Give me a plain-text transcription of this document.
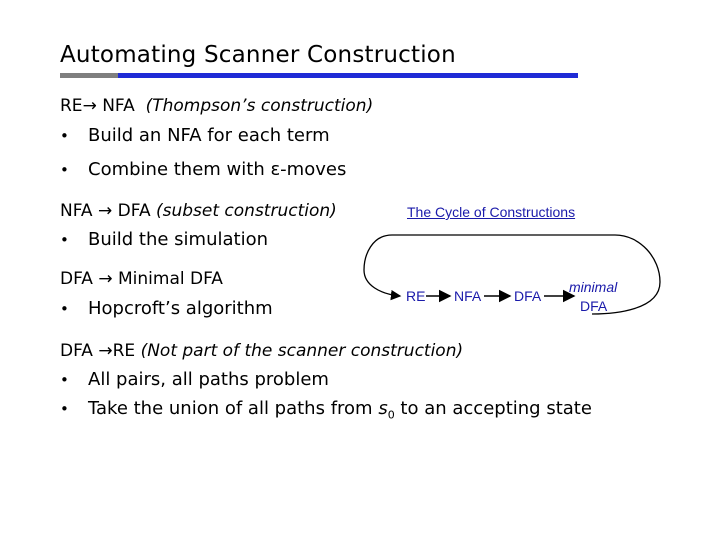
Automating Scanner Construction
RE→ NFA (Thompson’s construction)
• Build an NFA for each term
• Combine them with ε-moves
NFA → DFA (subset construction)
• Build the simulation
DFA → Minimal DFA
• Hopcroft’s algorithm
DFA →RE (Not part of the scanner construction)
• All pairs, all paths problem
• Take the union of all paths from $s_0$ to an accepting state
The Cycle of Constructions
RE NFA DFA
minimal
DFA
